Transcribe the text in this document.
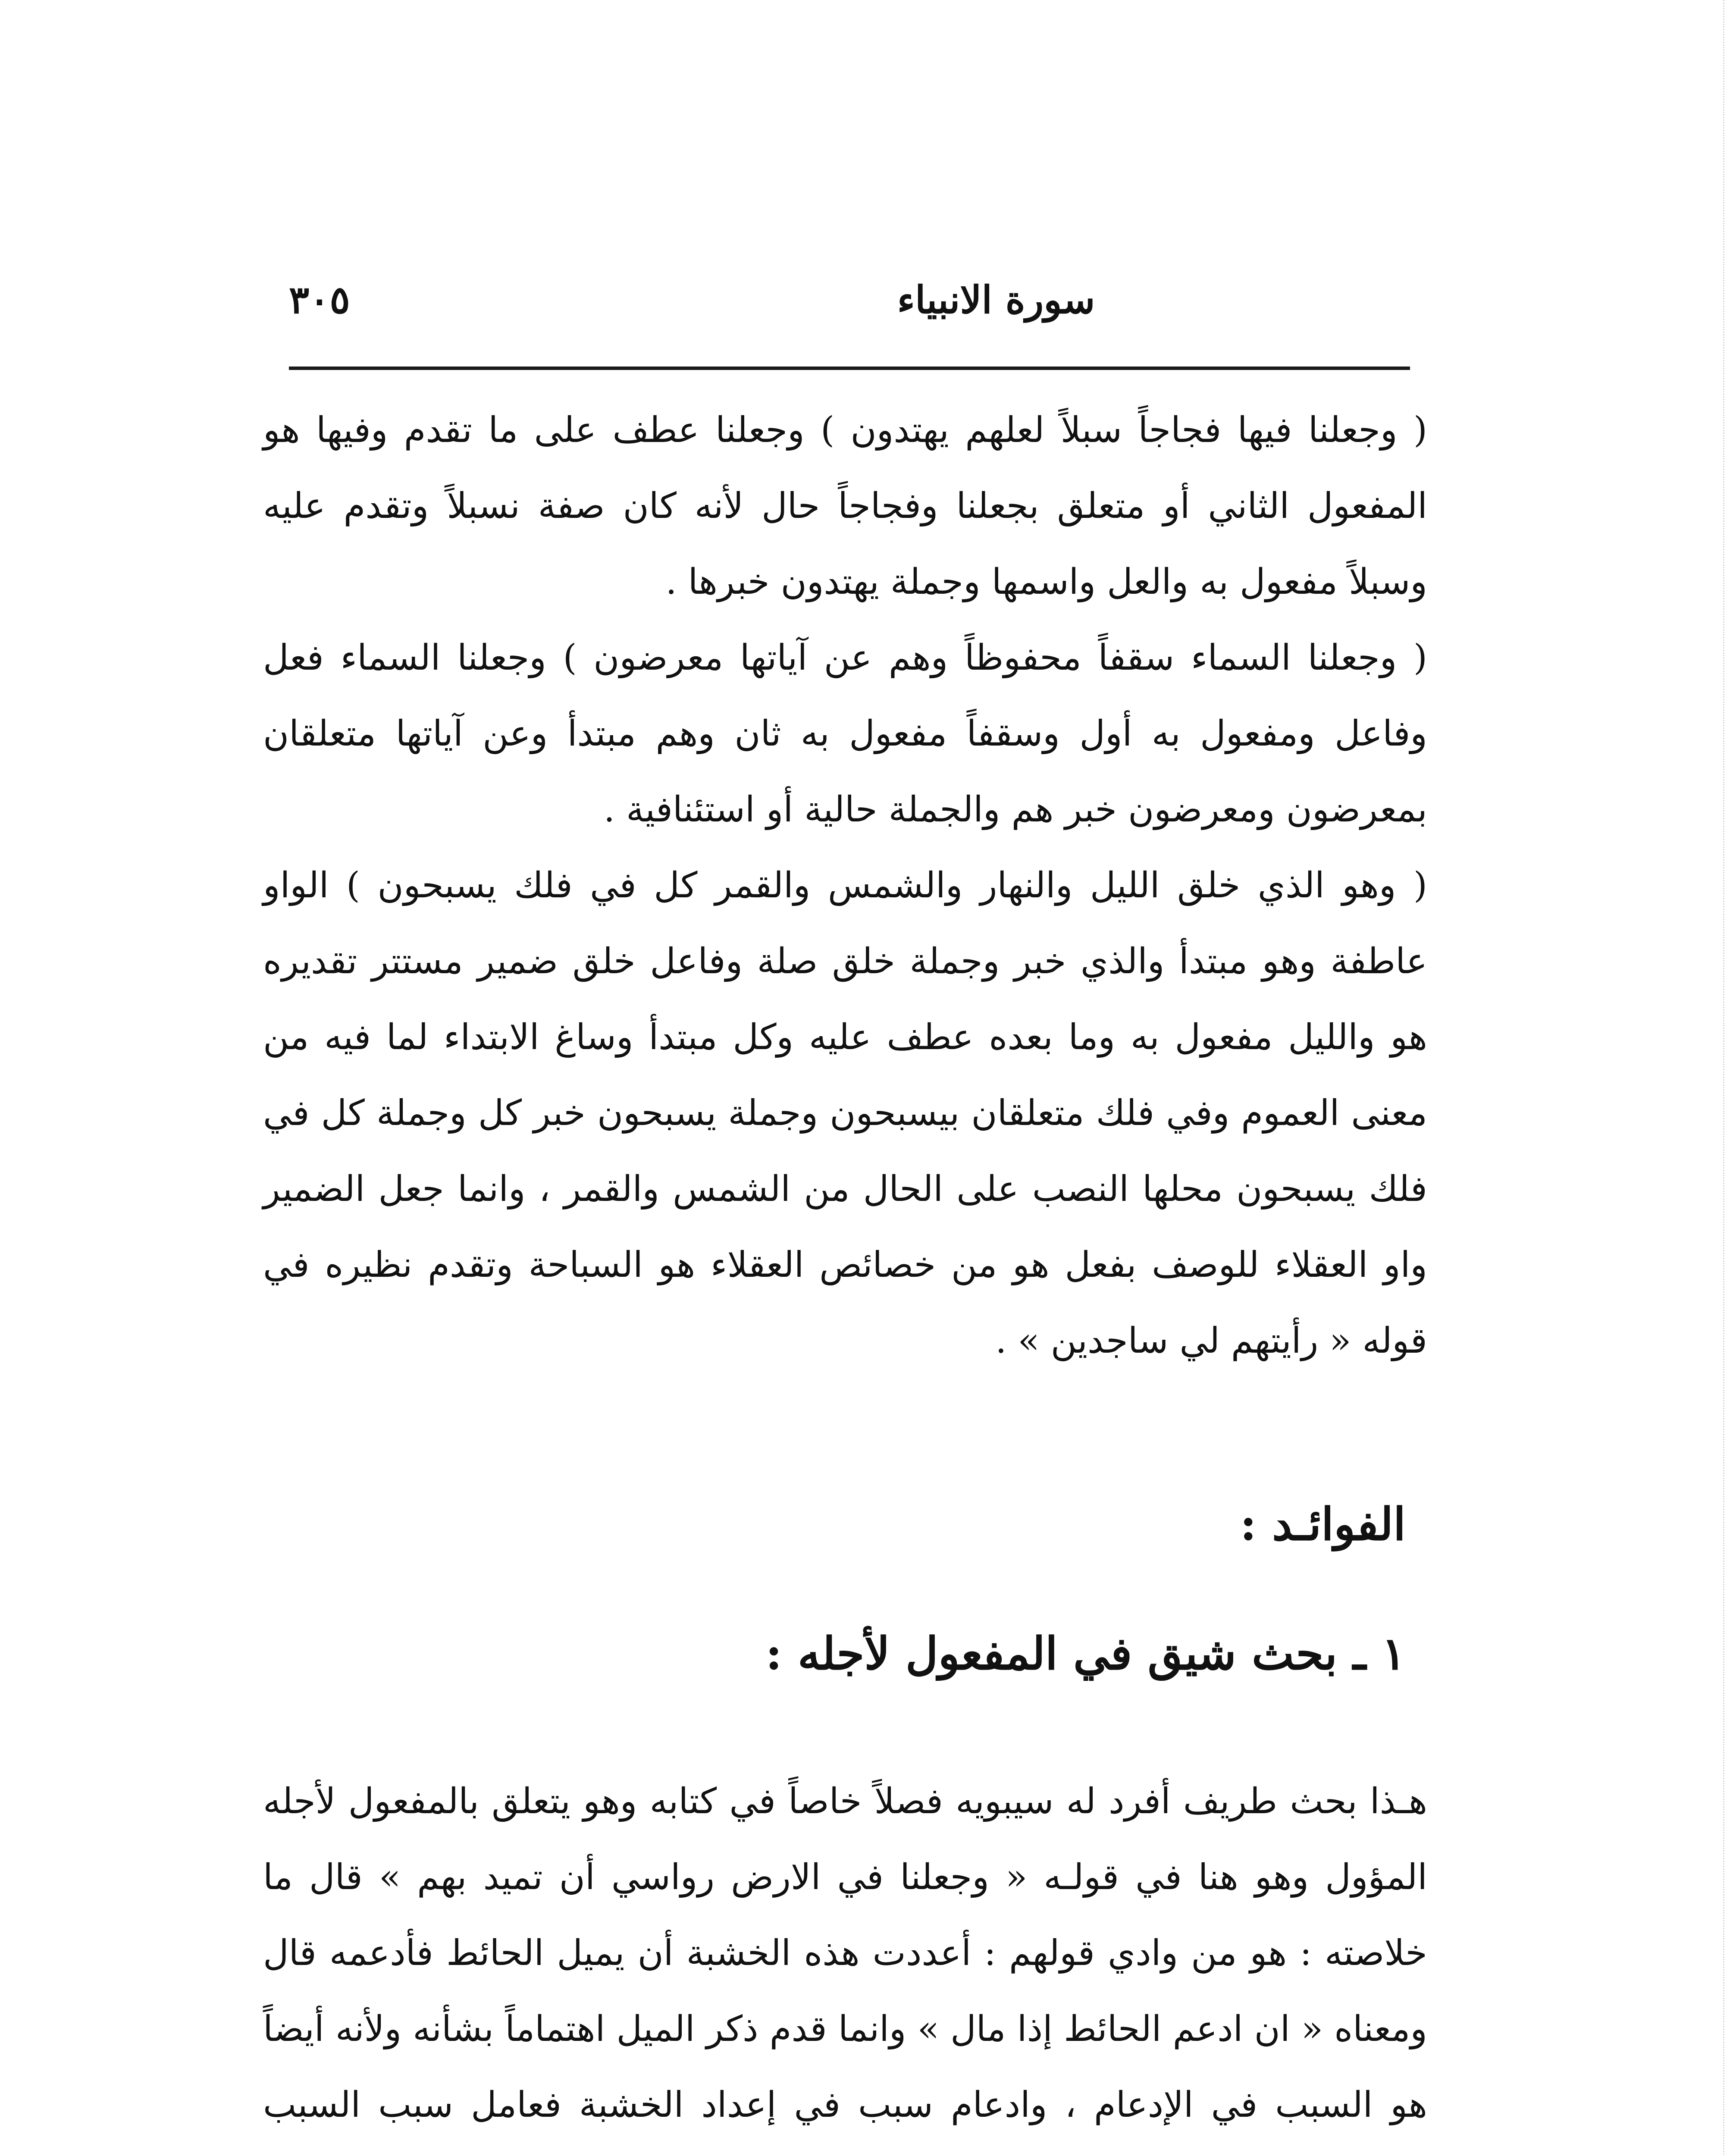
٣٠٥	سورة الانبياء

( وجعلنا فيها فجاجاً سبلاً لعلهم يهتدون ) وجعلنا عطف على ما تقدم وفيها هو المفعول الثاني أو متعلق بجعلنا وفجاجاً حال لأنه كان صفة نسبلاً وتقدم عليه وسبلاً مفعول به والعل واسمها وجملة يهتدون خبرها .

( وجعلنا السماء سقفاً محفوظاً وهم عن آياتها معرضون ) وجعلنا السماء فعل وفاعل ومفعول به أول وسقفاً مفعول به ثان وهم مبتدأ وعن آياتها متعلقان بمعرضون ومعرضون خبر هم والجملة حالية أو استئنافية .

( وهو الذي خلق الليل والنهار والشمس والقمر كل في فلك يسبحون ) الواو عاطفة وهو مبتدأ والذي خبر وجملة خلق صلة وفاعل خلق ضمير مستتر تقديره هو والليل مفعول به وما بعده عطف عليه وكل مبتدأ وساغ الابتداء لما فيه من معنى العموم وفي فلك متعلقان بيسبحون وجملة يسبحون خبر كل وجملة كل في فلك يسبحون محلها النصب على الحال من الشمس والقمر ، وانما جعل الضمير واو العقلاء للوصف بفعل هو من خصائص العقلاء هو السباحة وتقدم نظيره في قوله « رأيتهم لي ساجدين » .

الفوائـد :
١ ـ بحث شيق في المفعول لأجله :

هـذا بحث طريف أفرد له سيبويه فصلاً خاصاً في كتابه وهو يتعلق بالمفعول لأجله المؤول وهو هنا في قولـه « وجعلنا في الارض رواسي أن تميد بهم » قال ما خلاصته : هو من وادي قولهم : أعددت هذه الخشبة أن يميل الحائط فأدعمه قال ومعناه « ان ادعم الحائط إذا مال » وانما قدم ذكر الميل اهتماماً بشأنه ولأنه أيضاً هو السبب في الإدعام ، وادعام سبب في إعداد الخشبة فعامل سبب السبب
